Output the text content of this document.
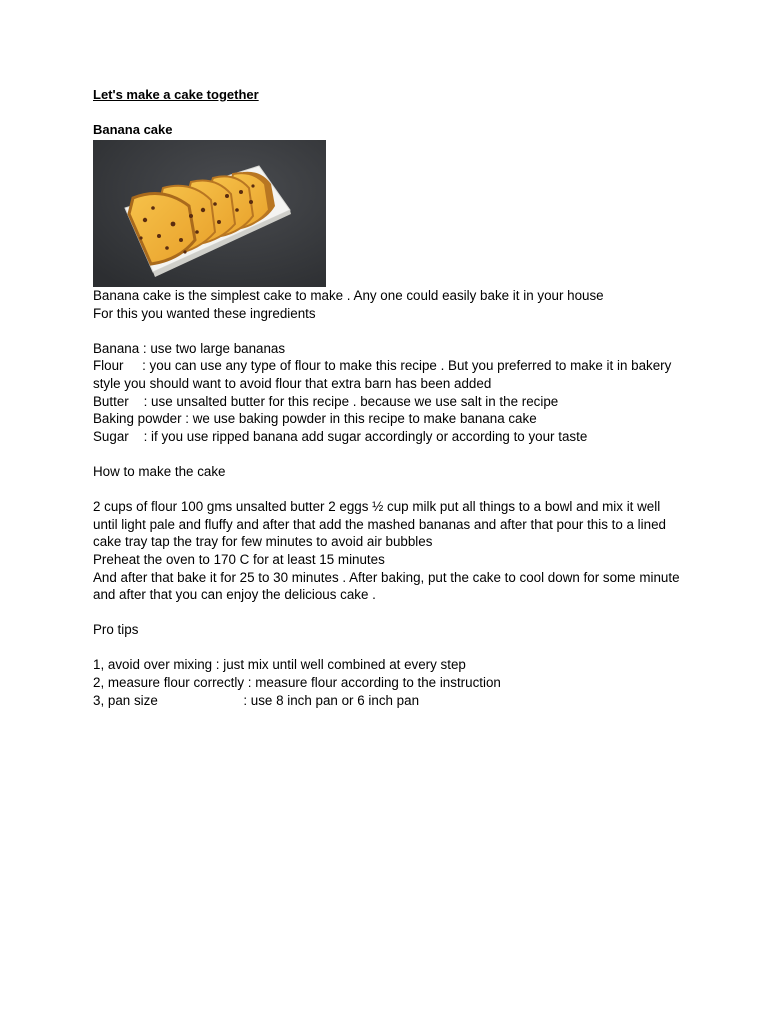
Let's make a cake together

Banana cake

Banana cake is the simplest cake to make . Any one could easily bake it in your house
For this you wanted these ingredients
Banana : use two large bananas
Flour     : you can use any type of flour to make this recipe . But you preferred to make it in bakery style you should want to avoid flour that extra barn has been added
Butter    : use unsalted butter for this recipe . because we use salt in the recipe
Baking powder : we use baking powder in this recipe to make banana cake
Sugar    : if you use ripped banana add sugar accordingly or according to your taste
How to make the cake
2 cups of flour 100 gms unsalted butter 2 eggs ½ cup milk put all things to a bowl and mix it well until light pale and fluffy and after that add the mashed bananas and after that pour this to a lined cake tray tap the tray for few minutes to avoid air bubbles
Preheat the oven to 170 C for at least 15 minutes
And after that bake it for 25 to 30 minutes . After baking, put the cake to cool down for some minute and after that you can enjoy the delicious cake .
Pro tips
1, avoid over mixing : just mix until well combined at every step
2, measure flour correctly : measure flour according to the instruction
3, pan size                       : use 8 inch pan or 6 inch pan
